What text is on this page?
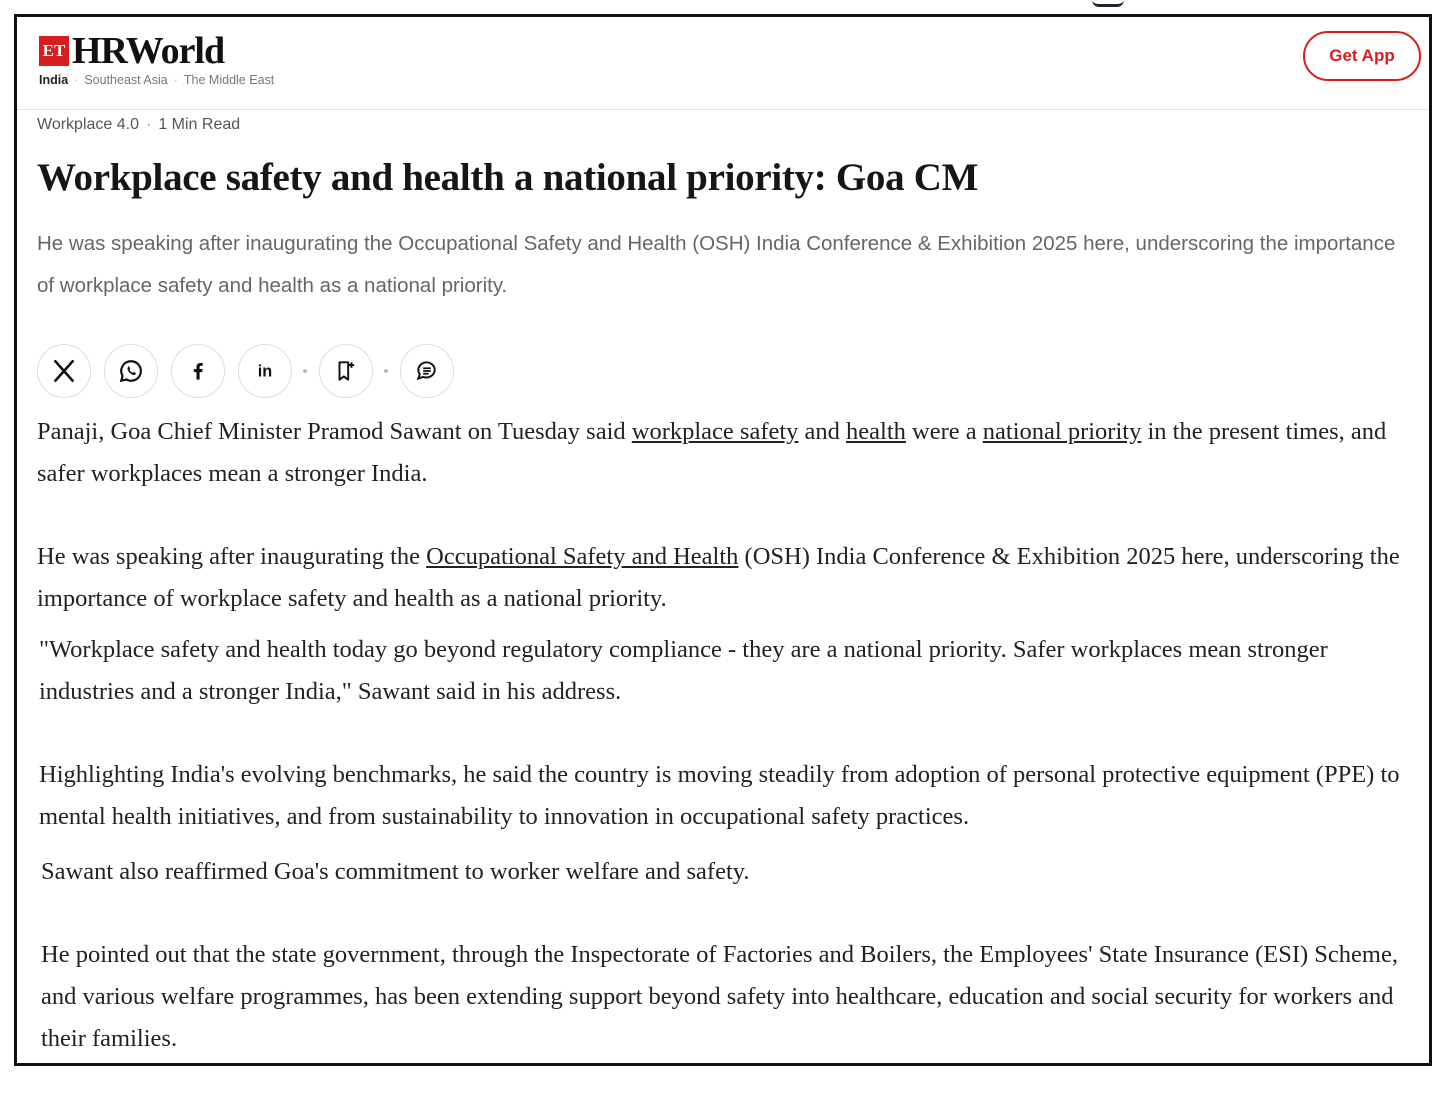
ET HRWorld
India · Southeast Asia · The Middle East
Get App
Workplace 4.0 · 1 Min Read
Workplace safety and health a national priority: Goa CM

He was speaking after inaugurating the Occupational Safety and Health (OSH) India Conference & Exhibition 2025 here, underscoring the importance of workplace safety and health as a national priority.

in

Panaji, Goa Chief Minister Pramod Sawant on Tuesday said workplace safety and health were a national priority in the present times, and safer workplaces mean a stronger India.

He was speaking after inaugurating the Occupational Safety and Health (OSH) India Conference & Exhibition 2025 here, underscoring the importance of workplace safety and health as a national priority.

"Workplace safety and health today go beyond regulatory compliance - they are a national priority. Safer workplaces mean stronger industries and a stronger India," Sawant said in his address.

Highlighting India's evolving benchmarks, he said the country is moving steadily from adoption of personal protective equipment (PPE) to mental health initiatives, and from sustainability to innovation in occupational safety practices.

Sawant also reaffirmed Goa's commitment to worker welfare and safety.

He pointed out that the state government, through the Inspectorate of Factories and Boilers, the Employees' State Insurance (ESI) Scheme, and various welfare programmes, has been extending support beyond safety into healthcare, education and social security for workers and their families.
